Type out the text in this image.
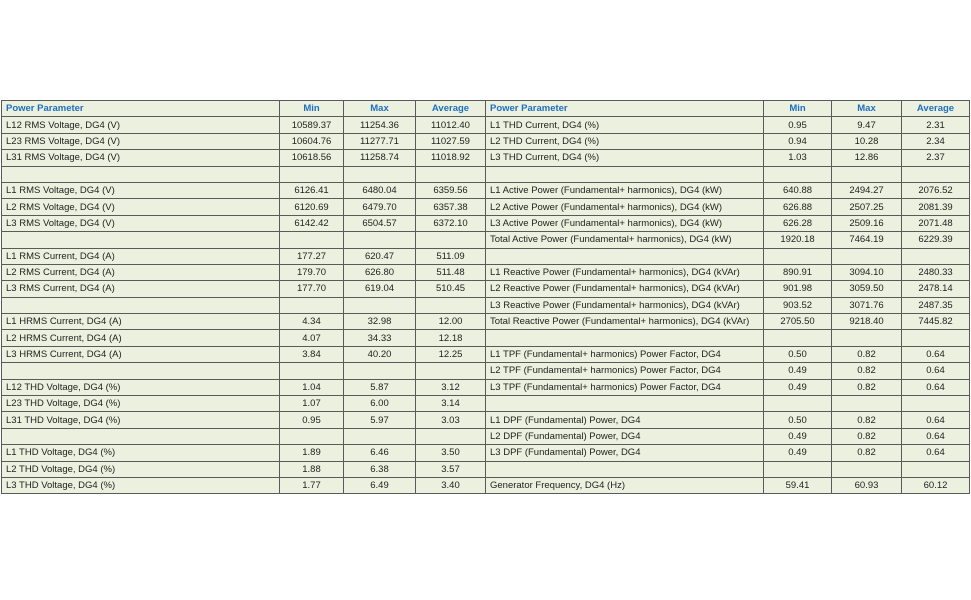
Power Parameter	Min	Max	Average	Power Parameter	Min	Max	Average
L12 RMS Voltage, DG4 (V)	10589.37	11254.36	11012.40	L1 THD Current, DG4 (%)	0.95	9.47	2.31
L23 RMS Voltage, DG4 (V)	10604.76	11277.71	11027.59	L2 THD Current, DG4 (%)	0.94	10.28	2.34
L31 RMS Voltage, DG4 (V)	10618.56	11258.74	11018.92	L3 THD Current, DG4 (%)	1.03	12.86	2.37

L1 RMS Voltage, DG4 (V)	6126.41	6480.04	6359.56	L1 Active Power (Fundamental+ harmonics), DG4 (kW)	640.88	2494.27	2076.52
L2 RMS Voltage, DG4 (V)	6120.69	6479.70	6357.38	L2 Active Power (Fundamental+ harmonics), DG4 (kW)	626.88	2507.25	2081.39
L3 RMS Voltage, DG4 (V)	6142.42	6504.57	6372.10	L3 Active Power (Fundamental+ harmonics), DG4 (kW)	626.28	2509.16	2071.48
				Total Active Power (Fundamental+ harmonics), DG4 (kW)	1920.18	7464.19	6229.39
L1 RMS Current, DG4 (A)	177.27	620.47	511.09				
L2 RMS Current, DG4 (A)	179.70	626.80	511.48	L1 Reactive Power (Fundamental+ harmonics), DG4 (kVAr)	890.91	3094.10	2480.33
L3 RMS Current, DG4 (A)	177.70	619.04	510.45	L2 Reactive Power (Fundamental+ harmonics), DG4 (kVAr)	901.98	3059.50	2478.14
				L3 Reactive Power (Fundamental+ harmonics), DG4 (kVAr)	903.52	3071.76	2487.35
L1 HRMS Current, DG4 (A)	4.34	32.98	12.00	Total Reactive Power (Fundamental+ harmonics), DG4 (kVAr)	2705.50	9218.40	7445.82
L2 HRMS Current, DG4 (A)	4.07	34.33	12.18				
L3 HRMS Current, DG4 (A)	3.84	40.20	12.25	L1 TPF (Fundamental+ harmonics) Power Factor, DG4	0.50	0.82	0.64
				L2 TPF (Fundamental+ harmonics) Power Factor, DG4	0.49	0.82	0.64
L12 THD Voltage, DG4 (%)	1.04	5.87	3.12	L3 TPF (Fundamental+ harmonics) Power Factor, DG4	0.49	0.82	0.64
L23 THD Voltage, DG4 (%)	1.07	6.00	3.14				
L31 THD Voltage, DG4 (%)	0.95	5.97	3.03	L1 DPF (Fundamental) Power, DG4	0.50	0.82	0.64
				L2 DPF (Fundamental) Power, DG4	0.49	0.82	0.64
L1 THD Voltage, DG4 (%)	1.89	6.46	3.50	L3 DPF (Fundamental) Power, DG4	0.49	0.82	0.64
L2 THD Voltage, DG4 (%)	1.88	6.38	3.57				
L3 THD Voltage, DG4 (%)	1.77	6.49	3.40	Generator Frequency, DG4 (Hz)	59.41	60.93	60.12
